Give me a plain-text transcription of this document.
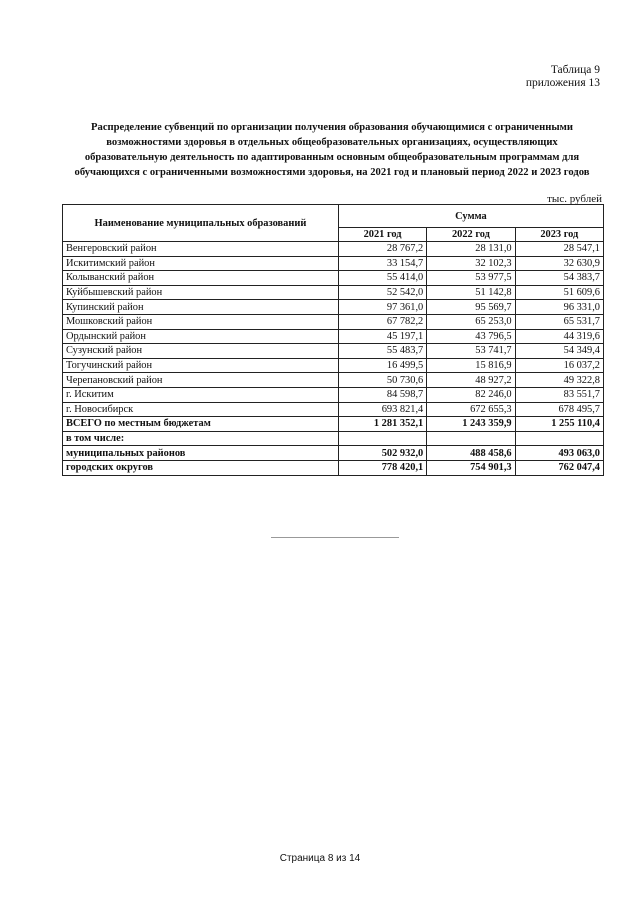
Таблица 9
приложения 13
Распределение субвенций по организации получения образования обучающимися с ограниченными
возможностями здоровья в отдельных общеобразовательных организациях, осуществляющих
образовательную деятельность по адаптированным основным общеобразовательным программам для
обучающихся с ограниченными возможностями здоровья, на 2021 год и плановый период 2022 и 2023 годов
тыс. рублей
Наименование муниципальных образований	Сумма		
	2021 год	2022 год	2023 год
Венгеровский район	28 767,2	28 131,0	28 547,1
Искитимский район	33 154,7	32 102,3	32 630,9
Колыванский район	55 414,0	53 977,5	54 383,7
Куйбышевский район	52 542,0	51 142,8	51 609,6
Купинский район	97 361,0	95 569,7	96 331,0
Мошковский район	67 782,2	65 253,0	65 531,7
Ордынский район	45 197,1	43 796,5	44 319,6
Сузунский район	55 483,7	53 741,7	54 349,4
Тогучинский район	16 499,5	15 816,9	16 037,2
Черепановский район	50 730,6	48 927,2	49 322,8
г. Искитим	84 598,7	82 246,0	83 551,7
г. Новосибирск	693 821,4	672 655,3	678 495,7
ВСЕГО по местным бюджетам	1 281 352,1	1 243 359,9	1 255 110,4
в том числе:			
муниципальных районов	502 932,0	488 458,6	493 063,0
городских округов	778 420,1	754 901,3	762 047,4
Страница 8 из 14
